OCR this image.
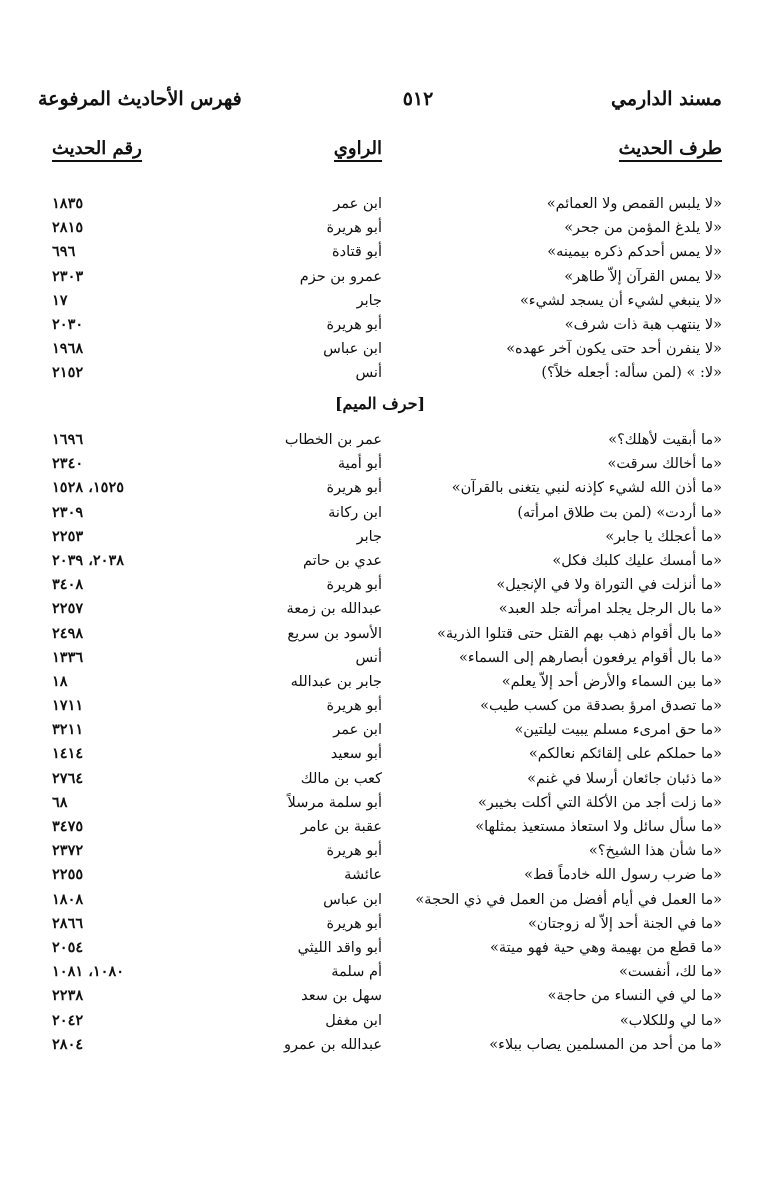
مسند الدارمي
٥١٢
فهرس الأحاديث المرفوعة
طرف الحديث
الراوي
رقم الحديث
«لا يلبس القمص ولا العمائم»
ابن عمر
١٨٣٥
«لا يلدغ المؤمن من جحر»
أبو هريرة
٢٨١٥
«لا يمس أحدكم ذكره بيمينه»
أبو قتادة
٦٩٦
«لا يمس القرآن إلاّ طاهر»
عمرو بن حزم
٢٣٠٣
«لا ينبغي لشيء أن يسجد لشيء»
جابر
١٧
«لا ينتهب هبة ذات شرف»
أبو هريرة
٢٠٣٠
«لا ينفرن أحد حتى يكون آخر عهده»
ابن عباس
١٩٦٨
«لا: » (لمن سأله: أجعله خلاً؟)
أنس
٢١٥٢
[حرف الميم]
«ما أبقيت لأهلك؟»
عمر بن الخطاب
١٦٩٦
«ما أخالك سرقت»
أبو أمية
٢٣٤٠
«ما أذن الله لشيء كإذنه لنبي يتغنى بالقرآن»
أبو هريرة
١٥٢٥، ١٥٢٨
«ما أردت» (لمن بت طلاق امرأته)
ابن ركانة
٢٣٠٩
«ما أعجلك يا جابر»
جابر
٢٢٥٣
«ما أمسك عليك كلبك فكل»
عدي بن حاتم
٢٠٣٨، ٢٠٣٩
«ما أنزلت في التوراة ولا في الإنجيل»
أبو هريرة
٣٤٠٨
«ما بال الرجل يجلد امرأته جلد العبد»
عبدالله بن زمعة
٢٢٥٧
«ما بال أقوام ذهب بهم القتل حتى قتلوا الذرية»
الأسود بن سريع
٢٤٩٨
«ما بال أقوام يرفعون أبصارهم إلى السماء»
أنس
١٣٣٦
«ما بين السماء والأرض أحد إلاّ يعلم»
جابر بن عبدالله
١٨
«ما تصدق امرؤ بصدقة من كسب طيب»
أبو هريرة
١٧١١
«ما حق امرىء مسلم يبيت ليلتين»
ابن عمر
٣٢١١
«ما حملكم على إلقائكم نعالكم»
أبو سعيد
١٤١٤
«ما ذئبان جائعان أرسلا في غنم»
كعب بن مالك
٢٧٦٤
«ما زلت أجد من الأكلة التي أكلت بخيبر»
أبو سلمة مرسلاً
٦٨
«ما سأل سائل ولا استعاذ مستعيذ بمثلها»
عقبة بن عامر
٣٤٧٥
«ما شأن هذا الشيخ؟»
أبو هريرة
٢٣٧٢
«ما ضرب رسول الله خادماً قط»
عائشة
٢٢٥٥
«ما العمل في أيام أفضل من العمل في ذي الحجة»
ابن عباس
١٨٠٨
«ما في الجنة أحد إلاّ له زوجتان»
أبو هريرة
٢٨٦٦
«ما قطع من بهيمة وهي حية فهو ميتة»
أبو واقد الليثي
٢٠٥٤
«ما لك، أنفست»
أم سلمة
١٠٨٠، ١٠٨١
«ما لي في النساء من حاجة»
سهل بن سعد
٢٢٣٨
«ما لي وللكلاب»
ابن مغفل
٢٠٤٢
«ما من أحد من المسلمين يصاب ببلاء»
عبدالله بن عمرو
٢٨٠٤
